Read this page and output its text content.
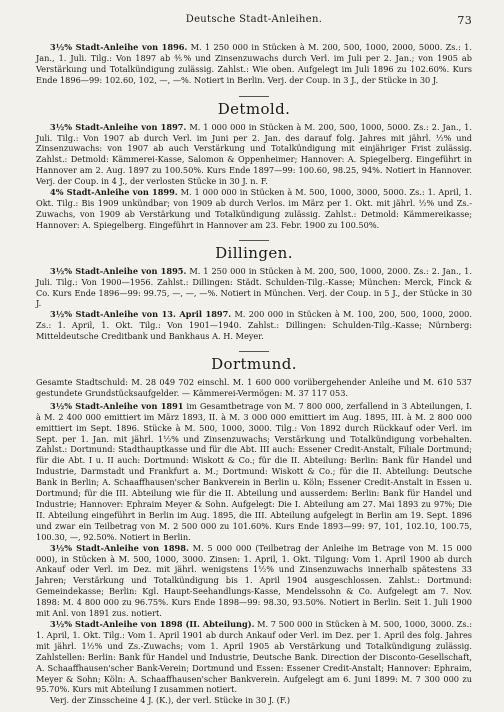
Deutsche Stadt-Anleihen.	73

3½% Stadt-Anleihe von 1896. M. 1 250 000 in Stücken à M. 200, 500, 1000, 2000, 5000. Zs.: 1. Jan., 1. Juli. Tilg.: Von 1897 ab ⅘% und Zinsenzuwachs durch Verl. im Juli per 2. Jan.; von 1905 ab Verstärkung und Totalkündigung zulässig. Zahlst.: Wie oben. Aufgelegt im Juli 1896 zu 102.60%. Kurs Ende 1896—99: 102.60, 102, —, —%. Notiert in Berlin. Verj. der Coup. in 3 J., der Stücke in 30 J.

Detmold.

3½% Stadt-Anleihe von 1897. M. 1 000 000 in Stücken à M. 200, 500, 1000, 5000. Zs.: 2. Jan., 1. Juli. Tilg.: Von 1907 ab durch Verl. im Juni per 2. Jan. des darauf folg. Jahres mit jährl. ½% und Zinsenzuwachs: von 1907 ab auch Verstärkung und Totalkündigung mit einjähriger Frist zulässig. Zahlst.: Detmold: Kämmerei-Kasse, Salomon & Oppenheimer; Hannover: A. Spiegelberg. Eingeführt in Hannover am 2. Aug. 1897 zu 100.50%. Kurs Ende 1897—99: 100.60, 98.25, 94%. Notiert in Hannover. Verj. der Coup. in 4 J., der verlosten Stücke in 30 J. n. F.

4% Stadt-Anleihe von 1899. M. 1 000 000 in Stücken à M. 500, 1000, 3000, 5000. Zs.: 1. April, 1. Okt. Tilg.: Bis 1909 unkündbar; von 1909 ab durch Verlos. im März per 1. Okt. mit jährl. ½% und Zs.-Zuwachs, von 1909 ab Verstärkung und Totalkündigung zulässig. Zahlst.: Detmold: Kämmereikasse; Hannover: A. Spiegelberg. Eingeführt in Hannover am 23. Febr. 1900 zu 100.50%.

Dillingen.

3½% Stadt-Anleihe von 1895. M. 1 250 000 in Stücken à M. 200, 500, 1000, 2000. Zs.: 2. Jan., 1. Juli. Tilg.: Von 1900—1956. Zahlst.: Dillingen: Städt. Schulden-Tilg.-Kasse; München: Merck, Finck & Co. Kurs Ende 1896—99: 99.75, —, —, —%. Notiert in München. Verj. der Coup. in 5 J., der Stücke in 30 J.

3½% Stadt-Anleihe von 13. April 1897. M. 200 000 in Stücken à M. 100, 200, 500, 1000, 2000. Zs.: 1. April, 1. Okt. Tilg.: Von 1901—1940. Zahlst.: Dillingen: Schulden-Tilg.-Kasse; Nürnberg: Mitteldeutsche Creditbank und Bankhaus A. H. Meyer.

Dortmund.

Gesamte Stadtschuld: M. 28 049 702 einschl. M. 1 600 000 vorübergehender Anleihe und M. 610 537 gestundete Grundstücksaufgelder. — Kämmerei-Vermögen: M. 37 117 053.

3½% Stadt-Anleihe von 1891 im Gesamtbetrage von M. 7 800 000, zerfallend in 3 Abteilungen, I. à M. 2 400 000 emittiert im März 1893, II. à M. 3 000 000 emittiert im Aug. 1895, III. à M. 2 800 000 emittiert im Sept. 1896. Stücke à M. 500, 1000, 3000. Tilg.: Von 1892 durch Rückkauf oder Verl. im Sept. per 1. Jan. mit jährl. 1½% und Zinsenzuwachs; Verstärkung und Totalkündigung vorbehalten. Zahlst.: Dortmund: Stadthauptkasse und für die Abt. III auch: Essener Credit-Anstalt, Filiale Dortmund; für die Abt. I u. II auch: Dortmund: Wiskott & Co.; für die II. Abteilung: Berlin: Bank für Handel und Industrie, Darmstadt und Frankfurt a. M.; Dortmund: Wiskott & Co.; für die II. Abteilung: Deutsche Bank in Berlin; A. Schaaffhausen'scher Bankverein in Berlin u. Köln; Essener Credit-Anstalt in Essen u. Dortmund; für die III. Abteilung wie für die II. Abteilung und ausserdem: Berlin: Bank für Handel und Industrie; Hannover: Ephraim Meyer & Sohn. Aufgelegt: Die I. Abteilung am 27. Mai 1893 zu 97%; Die II. Abteilung eingeführt in Berlin im Aug. 1895, die III. Abteilung aufgelegt in Berlin am 19. Sept. 1896 und zwar ein Teilbetrag von M. 2 500 000 zu 101.60%. Kurs Ende 1893—99: 97, 101, 102.10, 100.75, 100.30, —, 92.50%. Notiert in Berlin.

3½% Stadt-Anleihe von 1898. M. 5 000 000 (Teilbetrag der Anleihe im Betrage von M. 15 000 000), in Stücken à M. 500, 1000, 3000. Zinsen: 1. April, 1. Okt. Tilgung: Vom 1. April 1900 ab durch Ankauf oder Verl. im Dez. mit jährl. wenigstens 1½% und Zinsenzuwachs innerhalb spätestens 33 Jahren; Verstärkung und Totalkündigung bis 1. April 1904 ausgeschlossen. Zahlst.: Dortmund: Gemeindekasse; Berlin: Kgl. Haupt-Seehandlungs-Kasse, Mendelssohn & Co. Aufgelegt am 7. Nov. 1898: M. 4 800 000 zu 96.75%. Kurs Ende 1898—99: 98.30, 93.50%. Notiert in Berlin. Seit 1. Juli 1900 mit Anl. von 1891 zus. notiert.

3½% Stadt-Anleihe von 1898 (II. Abteilung). M. 7 500 000 in Stücken à M. 500, 1000, 3000. Zs.: 1. April, 1. Okt. Tilg.: Vom 1. April 1901 ab durch Ankauf oder Verl. im Dez. per 1. April des folg. Jahres mit jährl. 1½% und Zs.-Zuwachs; vom 1. April 1905 ab Verstärkung und Totalkündigung zulässig. Zahlstellen: Berlin: Bank für Handel und Industrie, Deutsche Bank. Direction der Disconto-Gesellschaft, A. Schaaffhausen'scher Bank-Verein; Dortmund und Essen: Essener Credit-Anstalt; Hannover: Ephraim, Meyer & Sohn; Köln: A. Schaaffhausen'scher Bankverein. Aufgelegt am 6. Juni 1899: M. 7 300 000 zu 95.70%. Kurs mit Abteilung I zusammen notiert.

Verj. der Zinsscheine 4 J. (K.), der verl. Stücke in 30 J. (F.)
